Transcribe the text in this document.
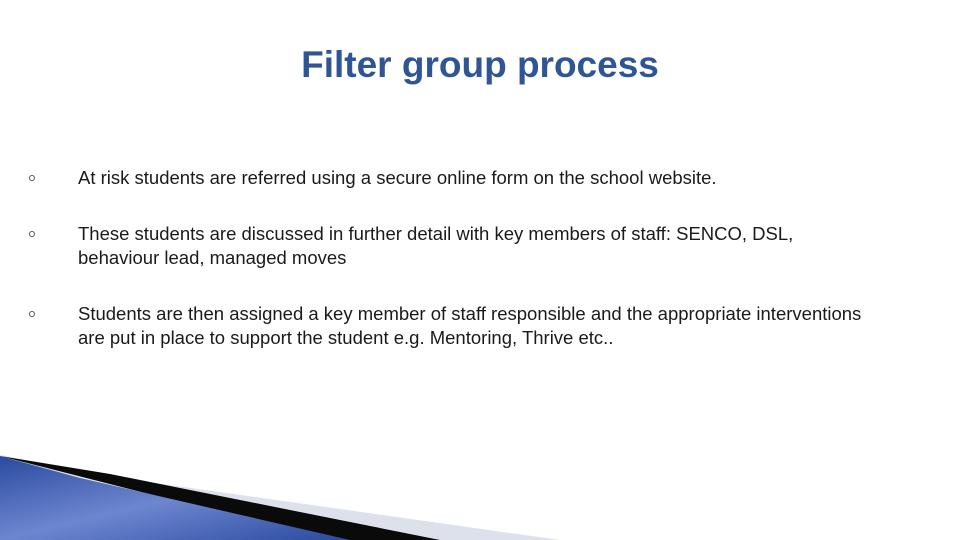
Filter group process
At risk students are referred using a secure online form on the school website.
These students are discussed in further detail with key members of staff: SENCO, DSL, behaviour lead, managed moves
Students are then assigned a key member of staff responsible and the appropriate interventions are put in place to support the student e.g. Mentoring, Thrive etc..
